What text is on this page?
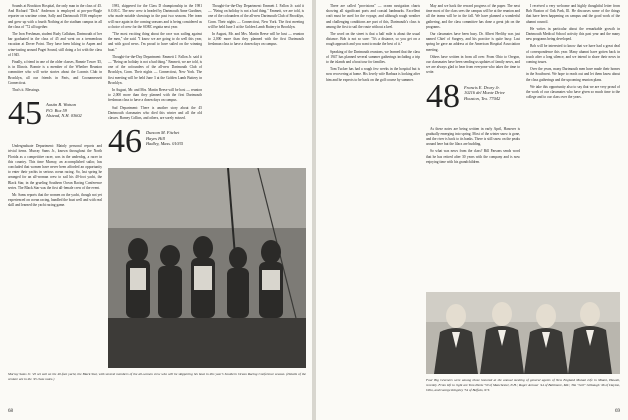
Sounds at Brookton Hospital, the only man in the class of 45. And Richard "Dick" Anderson is employed at pro-pro-Bugle reporter on wartime crime, Sally and Dartmouth 1936 employee and grew up with a fourth Nothing at the stadium campus in all the class of "72 all together.

The Iron Freshman, student Rudy Callahan, Dartmouth of her bar graduated in the class of 45 and went on a tremendous vacation at Dover Point. They have been hiking to Aspen and wine-tasting around Puget Sound, still doing a lot with the class of 1945.

Finally, a friend in one of the older classes, Bonnie Tower '45, is in Illinois. Bonnie is a member of the Whether Reunion committee who will write stories about the Loomis Club in Brooklyn, all our friends in Paris, and Coonamessett Connecticut.

That's it. Blessings.

45 Austin B. Watson
P.O. Box 59
Alstead, N.H. 03602

Undergraduate Department: Mainly personal reports and trivial items. Murray Sams Jr., known throughout the North Florida as a competitive racer, was in the underdog, a racer in this country. This time Murray, an accomplished sailor, has concluded that women have never been afforded an opportunity to enter their yachts in serious ocean racing. So, last spring he arranged for an all-woman crew to sail his 40-foot yacht, the Black Star, in the grueling Southern Ocean Racing Conference series. The Black Star was the first all-female crew of the event.

Mr. Sams reports that the women on the yacht, though not yet experienced on ocean racing, handled the boat well and with real skill and learned the yacht racing game.

1981, skippered for the Class D championship in the 1981 S.O.R.C. The new crew is headed by Dartmouth Anne Gardiner, who made notable showings in the past two seasons. Her team will race again in the coming seasons and is being considered as a choice of crew for the SORC regatta next year.

"The most exciting thing about the race was sailing against the men," she said. "I know we are going to do well this year, and with good news. I'm proud to have sailed on the winning boat."

Thought-for-the-Day Department: Emmett J. Fallon Jr. said it — "Being on holiday is not a bad thing." Emmett, we are told, is one of the cofounders of the all-new Dartmouth Club of Brooklyn, Conn. Their nights — Connecticut, New York. The first meeting will be held June 3 at the Golden Lamb Buttery in Brooklyn.

In August, Mr. and Mrs. Martin Reese will be host — reunion to 2,000 more than they planned with the first Dartmouth freshman class to have a dozen days on campus.

Sad Department: There is another story about the 45 Dartmouth classmates who died this winter and all the old classes. Barney Collins, and others, are sorely missed.

46 Duncan M. Fitchet
Hayes Hill
Hadley, Mass. 01035

Thought-for-the-Day Department: Emmett J. Fallon Jr. said it — "Being on holiday is not a bad thing." Emmett, we are told, is one of the cofounders of the all-new Dartmouth Club of Brooklyn, Conn. Their nights — Connecticut, New York. The first meeting will be held June 3 at the Golden Lamb Buttery in Brooklyn.

In August, Mr. and Mrs. Martin Reese will be host — reunion to 2,000 more than they planned with the first Dartmouth freshman class to have a dozen days on campus.

Murray Sams Jr. '45 set sail on his 40-foot yacht, the Black Star, with several members of the all-women crew who will be skippering his boat in this year's Southern Ocean Racing Conference season. (Details of the venture are in the '45 class notes.)
68

There are called "provisions" — ocean navigation charts showing all significant ports and coastal landmarks. Excellent craft must be used for the voyage, and although rough weather and challenging conditions are part of this, Dartmouth's class is among the first to sail the route without a keel.

The word on the street is that a half mile is about the usual distance. Bob is not so sure: "It's a distance, so you get on a rough approach and you want to make the best of it."

Speaking of the Dartmouth reunions, we learned that the class of 1947 has planned several summer gatherings including a trip to the islands and a boat tour for families.

Tom Tucker has had a rough few weeks in the hospital but is now recovering at home. His lovely wife Barbara is looking after him and he expects to be back on the golf course by summer.

May and we hack the reward progress of the paper. The next time most of the class sees the campus will be at the reunion and all the teams will be in the fall. We have planned a wonderful gathering, and the class committee has done a great job on the programs.

Our classmates have been busy. Dr. Albert Herlihy was just named Chief of Surgery, and his practice is quite busy. Last spring he gave an address at the American Hospital Association meeting.

Others have written in from all over. From Ohio to Oregon, our classmates have been sending us updates of family news, and we are always glad to hear from everyone who takes the time to write.

48 Francis E. Drury Jr.
10216 del Monte Drive
Houston, Tex. 77042

As these notes are being written in early April, Hanover is gradually emerging into spring. Most of the winter snow is gone, and the river is back to its banks. There is still snow on the peaks around here but the lilacs are budding.

So what was news from the class? Bill Parsons sends word that he has retired after 30 years with the company and is now enjoying time with his grandchildren.

I received a very welcome and highly thoughtful letter from Bob Buxton of Oak Park, Ill. He discusses some of the things that have been happening on campus and the good work of the alumni council.

He writes in particular about the remarkable growth in Dartmouth Medical School activity this past year and the many new programs being developed.

Bob will be interested to know that we have had a great deal of correspondence this year. Many alumni have gotten back in touch after a long silence, and we intend to share their news in coming issues.

Over the years, many Dartmouth men have made their homes in the Southwest. We hope to reach out and let them know about the class gatherings and the upcoming reunion plans.

We take this opportunity also to say that we are very proud of the work of our classmates who have given so much time to the college and to our class over the years.

Four Big Greeners were among those honored at the annual meeting of general agents of New England Mutual Life in Miami, Hawaii, recently. From left to right are Tom Parks '50 of Manchester, N.H.; Roger Armour '44 of Baltimore, Md.; Tim "Grit" Gilbaugh '46 of Dayton, Ohio, and George Kingsley '54 of Buffalo, N.Y.
69
